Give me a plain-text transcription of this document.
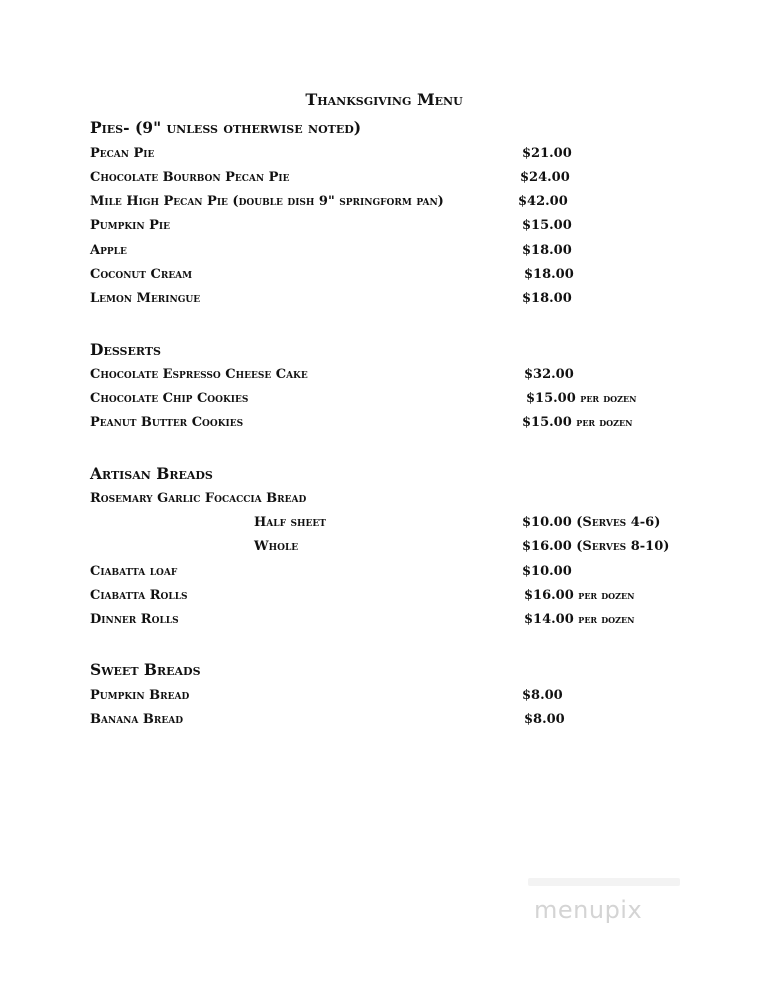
Thanksgiving Menu
Pies- (9" unless otherwise noted)
Pecan Pie	$21.00
Chocolate Bourbon Pecan Pie	$24.00
Mile High Pecan Pie (double dish 9" springform pan)	$42.00
Pumpkin Pie	$15.00
Apple	$18.00
Coconut Cream	$18.00
Lemon Meringue	$18.00
Desserts
Chocolate Espresso Cheese Cake	$32.00
Chocolate Chip Cookies	$15.00 per dozen
Peanut Butter Cookies	$15.00 per dozen
Artisan Breads
Rosemary Garlic Focaccia Bread
Half sheet	$10.00 (Serves 4-6)
Whole	$16.00 (Serves 8-10)
Ciabatta loaf	$10.00
Ciabatta Rolls	$16.00 per dozen
Dinner Rolls	$14.00 per dozen
Sweet Breads
Pumpkin Bread	$8.00
Banana Bread	$8.00
menupix
